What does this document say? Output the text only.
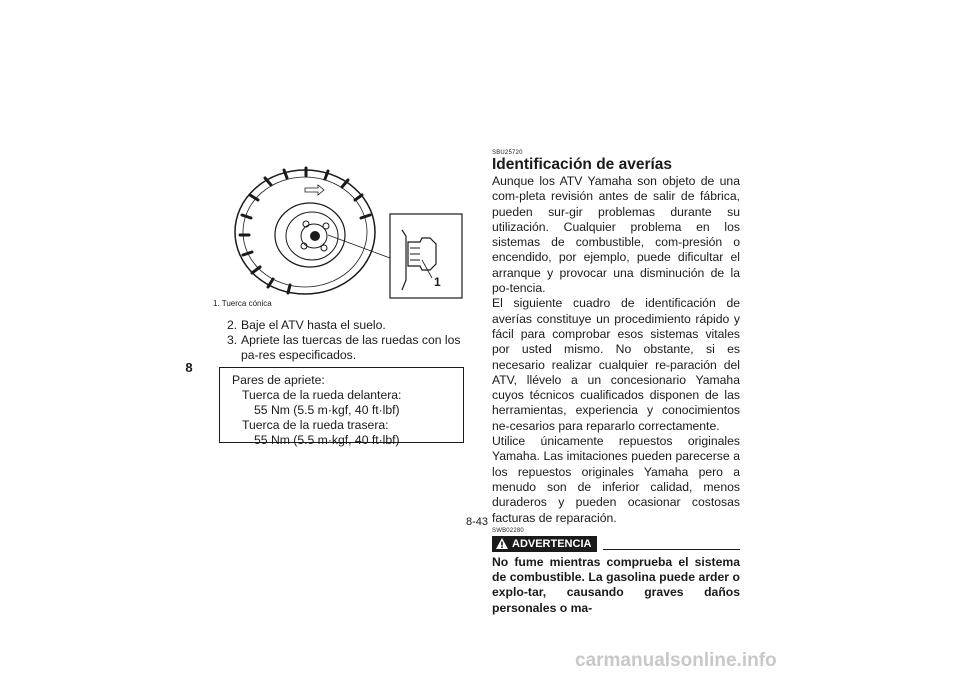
8
1
1. Tuerca cónica
2. Baje el ATV hasta el suelo.
3. Apriete las tuercas de las ruedas con los pa-res especificados.
Pares de apriete:
Tuerca de la rueda delantera:
55 Nm (5.5 m·kgf, 40 ft·lbf)
Tuerca de la rueda trasera:
55 Nm (5.5 m·kgf, 40 ft·lbf)
SBU25720
Identificación de averías

Aunque los ATV Yamaha son objeto de una com-pleta revisión antes de salir de fábrica, pueden sur-gir problemas durante su utilización. Cualquier problema en los sistemas de combustible, com-presión o encendido, por ejemplo, puede dificultar el arranque y provocar una disminución de la po-tencia.

El siguiente cuadro de identificación de averías constituye un procedimiento rápido y fácil para comprobar esos sistemas vitales por usted mismo. No obstante, si es necesario realizar cualquier re-paración del ATV, llévelo a un concesionario Yamaha cuyos técnicos cualificados disponen de las herramientas, experiencia y conocimientos ne-cesarios para repararlo correctamente.

Utilice únicamente repuestos originales Yamaha. Las imitaciones pueden parecerse a los repuestos originales Yamaha pero a menudo son de inferior calidad, menos duraderos y pueden ocasionar costosas facturas de reparación.

SWB02280
ADVERTENCIA
No fume mientras comprueba el sistema de combustible. La gasolina puede arder o explo-tar, causando graves daños personales o ma-
8-43
carmanualsonline.info
